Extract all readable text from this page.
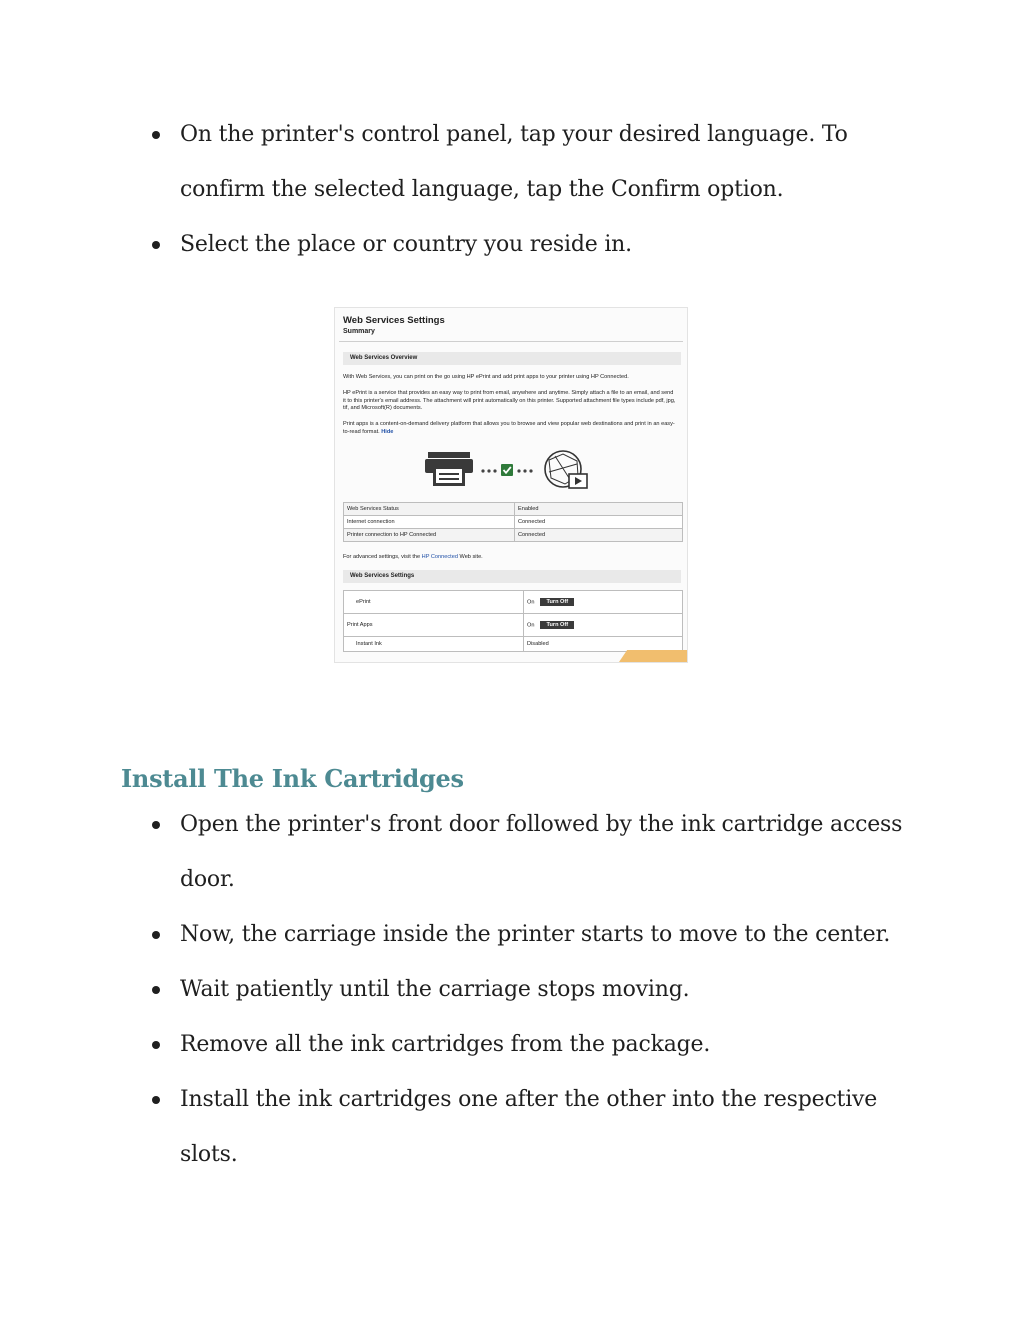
On the printer's control panel, tap your desired language. To confirm the selected language, tap the Confirm option.
Select the place or country you reside in.
Web Services Settings
Summary
Web Services Overview
With Web Services, you can print on the go using HP ePrint and add print apps to your printer using HP Connected.
HP ePrint is a service that provides an easy way to print from email, anywhere and anytime. Simply attach a file to an email, and send it to this printer's email address. The attachment will print automatically on this printer. Supported attachment file types include pdf, jpg, tif, and Microsoft(R) documents.
Print apps is a content-on-demand delivery platform that allows you to browse and view popular web destinations and print in an easy-to-read format. Hide
Web Services Status	Enabled
Internet connection	Connected
Printer connection to HP Connected	Connected
For advanced settings, visit the HP Connected Web site.
Web Services Settings
ePrint	On Turn Off
Print Apps	On Turn Off
Instant Ink	Disabled
Install The Ink Cartridges
Open the printer's front door followed by the ink cartridge access door.
Now, the carriage inside the printer starts to move to the center.
Wait patiently until the carriage stops moving.
Remove all the ink cartridges from the package.
Install the ink cartridges one after the other into the respective slots.
